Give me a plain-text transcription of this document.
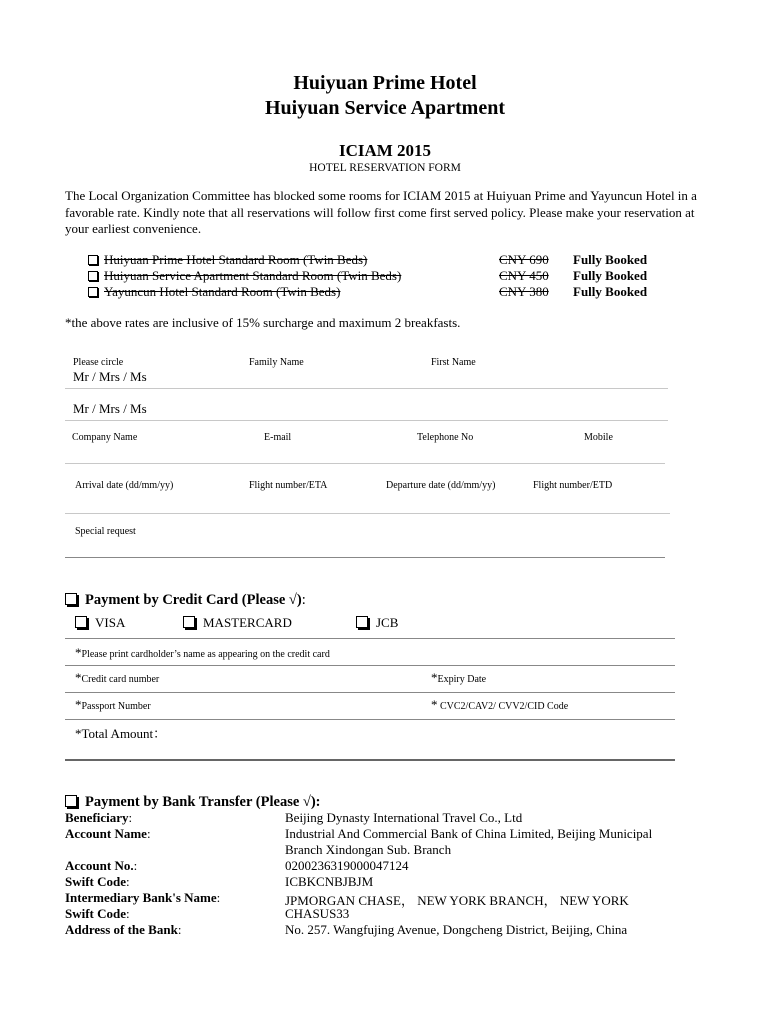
Huiyuan Prime Hotel
Huiyuan Service Apartment
ICIAM 2015
HOTEL RESERVATION FORM
The Local Organization Committee has blocked some rooms for ICIAM 2015 at Huiyuan Prime and Yayuncun Hotel in a favorable rate. Kindly note that all reservations will follow first come first served policy. Please make your reservation at your earliest convenience.
Huiyuan Prime Hotel Standard Room (Twin Beds)	CNY 690 Fully Booked
Huiyuan Service Apartment Standard Room (Twin Beds)	CNY 450 Fully Booked
Yayuncun Hotel Standard Room (Twin Beds)	CNY 380 Fully Booked
*the above rates are inclusive of 15% surcharge and maximum 2 breakfasts.
Please circle	Family Name	First Name
Mr / Mrs / Ms
Mr / Mrs / Ms
Company Name	E-mail	Telephone No	Mobile
Arrival date (dd/mm/yy)	Flight number/ETA	Departure date (dd/mm/yy)	Flight number/ETD
Special request
Payment by Credit Card (Please √):
VISA	MASTERCARD	JCB
*Please print cardholder’s name as appearing on the credit card
*Credit card number	*Expiry Date
*Passport Number	* CVC2/CAV2/ CVV2/CID Code
*Total Amount：
Payment by Bank Transfer (Please √):
Beneficiary:	Beijing Dynasty International Travel Co., Ltd
Account Name:	Industrial And Commercial Bank of China Limited, Beijing Municipal
Branch Xindongan Sub. Branch
Account No.:	0200236319000047124
Swift Code:	ICBKCNBJBJM
Intermediary Bank's Name:	JPMORGAN CHASE， NEW YORK BRANCH， NEW YORK
Swift Code:	CHASUS33
Address of the Bank:	No. 257. Wangfujing Avenue, Dongcheng District, Beijing, China
